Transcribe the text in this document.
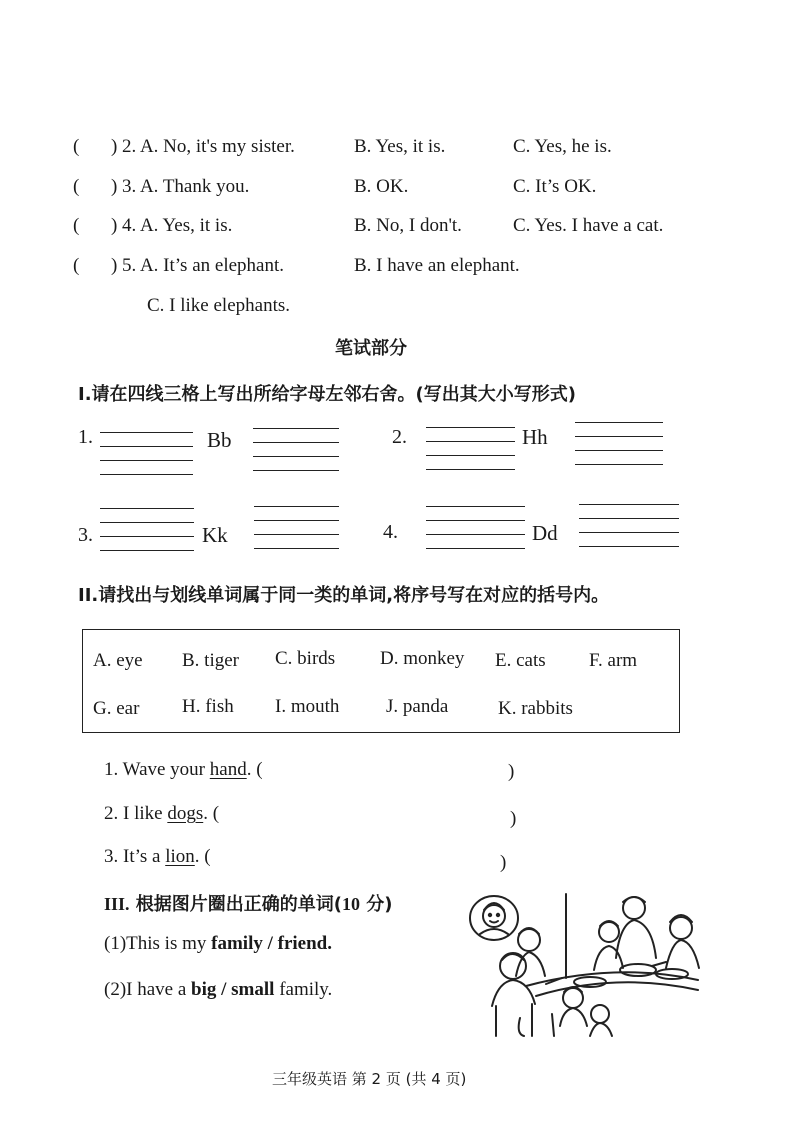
( ) 2. A. No, it's my sister.	B. Yes, it is.	C. Yes, he is.
( ) 3. A. Thank you.	B. OK.	C. It’s OK.
( ) 4. A. Yes, it is.	B. No, I don't.	C. Yes. I have a cat.
( ) 5. A. It’s an elephant.	B. I have an elephant.
C. I like elephants.
笔试部分
I.请在四线三格上写出所给字母左邻右舍。(写出其大小写形式)
1.	Bb	2.	Hh
3.	Kk	4.	Dd
II.请找出与划线单词属于同一类的单词,将序号写在对应的括号内。
A. eye B. tiger C. birds D. monkey E. cats F. arm
G. ear H. fish I. mouth J. panda	K. rabbits
1. Wave your hand. (	)
2. I like dogs. (	)
3. It’s a lion. (	)
III. 根据图片圈出正确的单词(10 分)
(1)This is my family / friend.
(2)I have a big / small family.
三年级英语 第 2 页 (共 4 页)
